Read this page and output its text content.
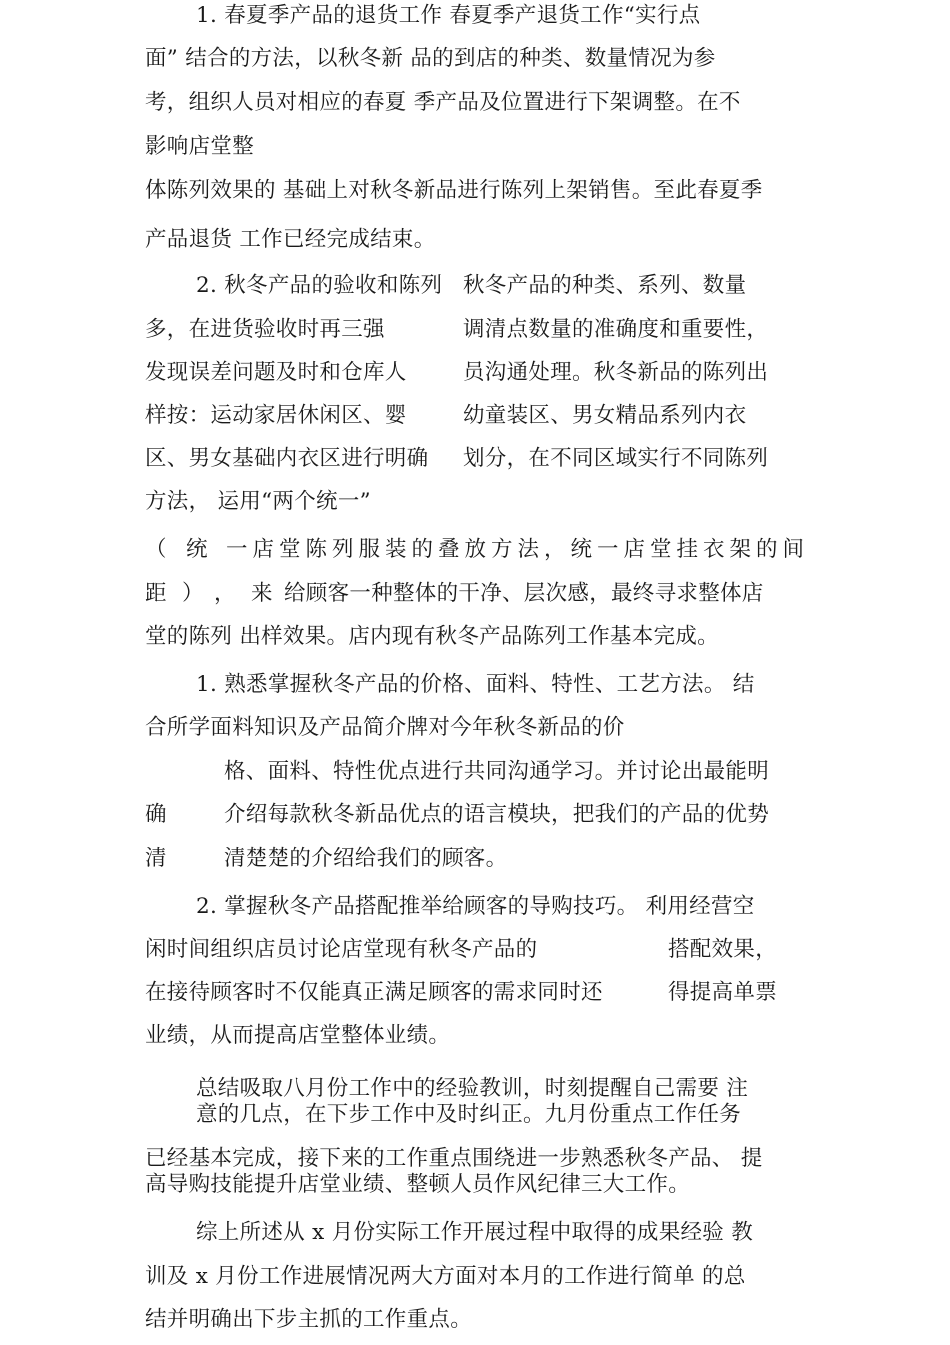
1. 春夏季产品的退货工作 春夏季产退货工作“实行点
面” 结合的方法，以秋冬新 品的到店的种类、数量情况为参
考，组织人员对相应的春夏 季产品及位置进行下架调整。在不
影响店堂整
体陈列效果的 基础上对秋冬新品进行陈列上架销售。至此春夏季
产品退货 工作已经完成结束。
2. 秋冬产品的验收和陈列 秋冬产品的种类、系列、数量
多，在进货验收时再三强	调清点数量的准确度和重要性，
发现误差问题及时和仓库人	员沟通处理。秋冬新品的陈列出
样按：运动家居休闲区、婴	幼童装区、男女精品系列内衣
区、男女基础内衣区进行明确 划分，在不同区域实行不同陈列
方法， 运用“两个统一”
（ 统 一店堂陈列服装的叠放方法，统一店堂挂衣架的间
距 ） ， 来 给顾客一种整体的干净、层次感，最终寻求整体店
堂的陈列 出样效果。店内现有秋冬产品陈列工作基本完成。
1. 熟悉掌握秋冬产品的价格、面料、特性、工艺方法。 结
合所学面料知识及产品简介牌对今年秋冬新品的价
格、面料、特性优点进行共同沟通学习。并讨论出最能明
确	介绍每款秋冬新品优点的语言模块，把我们的产品的优势
清	清楚楚的介绍给我们的顾客。
2. 掌握秋冬产品搭配推举给顾客的导购技巧。 利用经营空
闲时间组织店员讨论店堂现有秋冬产品的	搭配效果，
在接待顾客时不仅能真正满足顾客的需求同时还	得提高单票
业绩，从而提高店堂整体业绩。
总结吸取八月份工作中的经验教训，时刻提醒自己需要 注
意的几点，在下步工作中及时纠正。九月份重点工作任务
已经基本完成，接下来的工作重点围绕进一步熟悉秋冬产品、 提
高导购技能提升店堂业绩、整顿人员作风纪律三大工作。
综上所述从 x 月份实际工作开展过程中取得的成果经验 教
训及 x 月份工作进展情况两大方面对本月的工作进行简单 的总
结并明确出下步主抓的工作重点。
